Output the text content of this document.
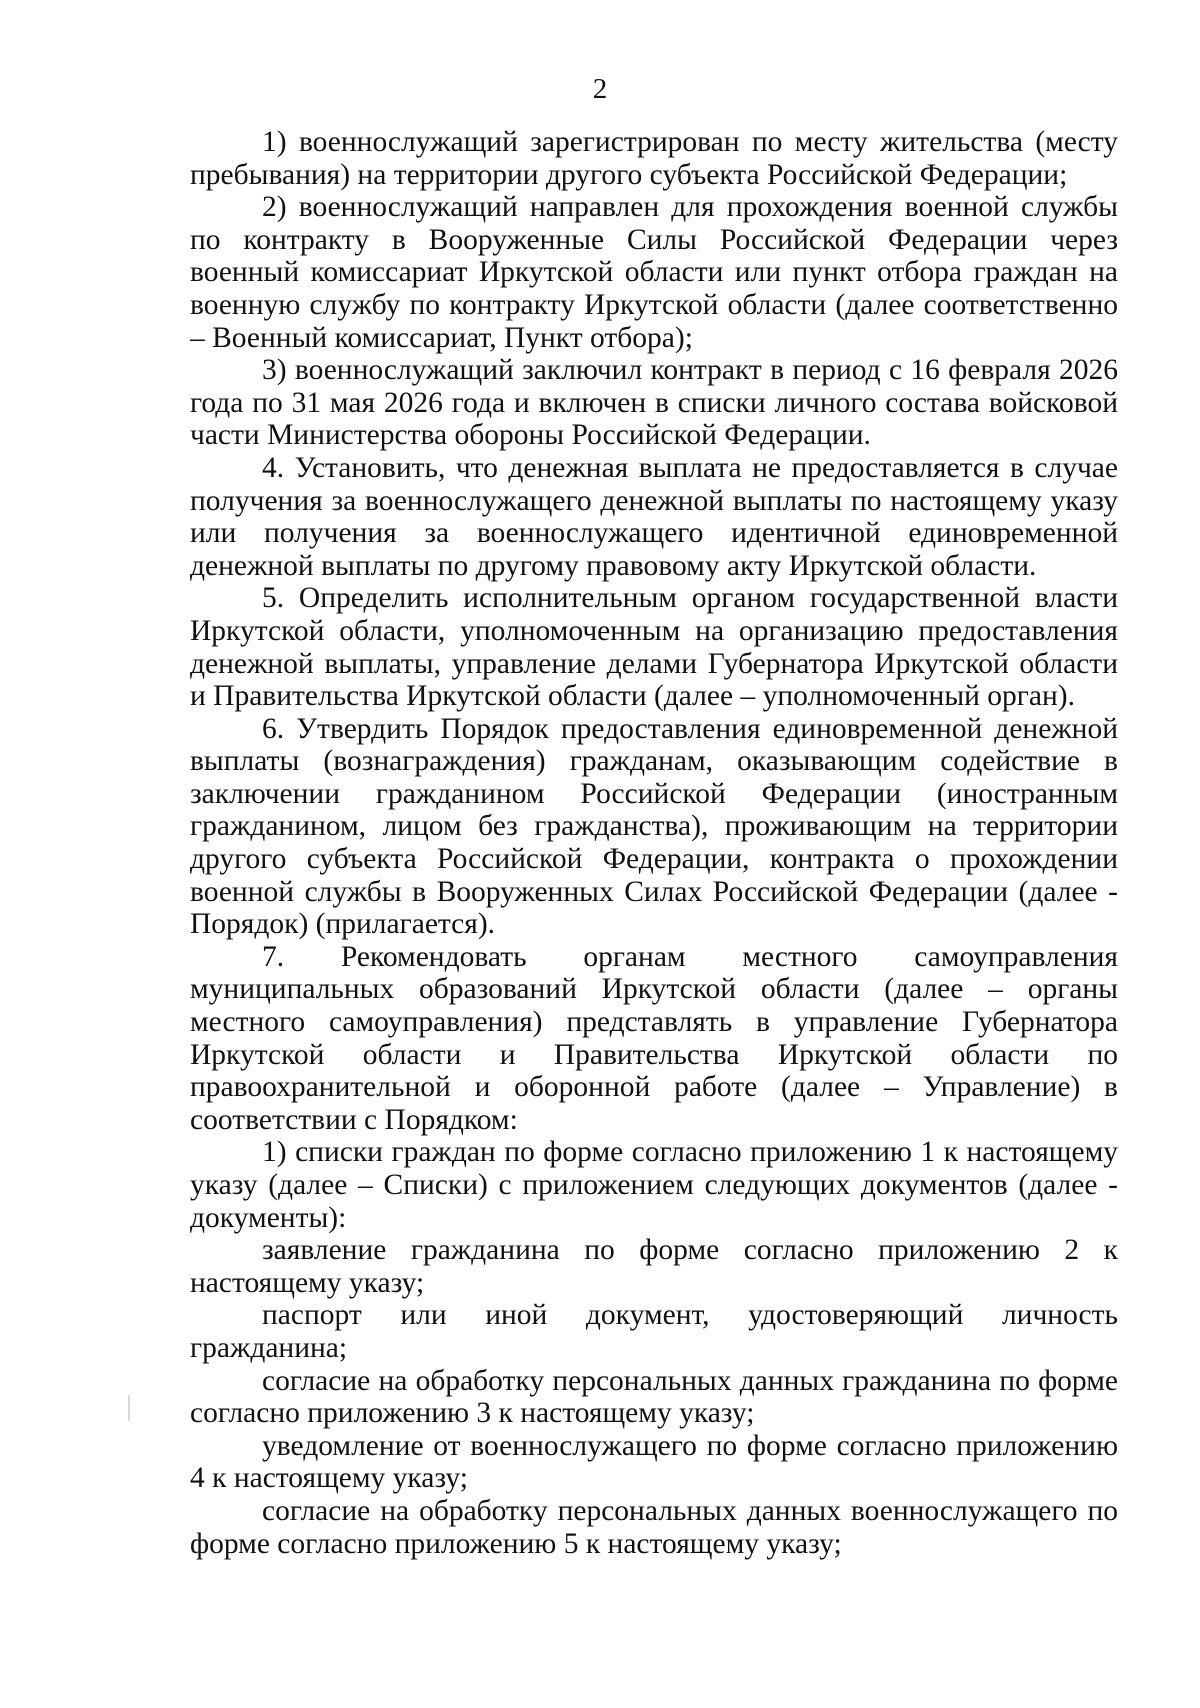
2

1) военнослужащий зарегистрирован по месту жительства (месту пребывания) на территории другого субъекта Российской Федерации;

2) военнослужащий направлен для прохождения военной службы по контракту в Вооруженные Силы Российской Федерации через военный комиссариат Иркутской области или пункт отбора граждан на военную службу по контракту Иркутской области (далее соответственно – Военный комиссариат, Пункт отбора);

3) военнослужащий заключил контракт в период с 16 февраля 2026 года по 31 мая 2026 года и включен в списки личного состава войсковой части Министерства обороны Российской Федерации.

4. Установить, что денежная выплата не предоставляется в случае получения за военнослужащего денежной выплаты по настоящему указу или получения за военнослужащего идентичной единовременной денежной выплаты по другому правовому акту Иркутской области.

5. Определить исполнительным органом государственной власти Иркутской области, уполномоченным на организацию предоставления денежной выплаты, управление делами Губернатора Иркутской области и Правительства Иркутской области (далее – уполномоченный орган).

6. Утвердить Порядок предоставления единовременной денежной выплаты (вознаграждения) гражданам, оказывающим содействие в заключении гражданином Российской Федерации (иностранным гражданином, лицом без гражданства), проживающим на территории другого субъекта Российской Федерации, контракта о прохождении военной службы в Вооруженных Силах Российской Федерации (далее - Порядок) (прилагается).

7. Рекомендовать органам местного самоуправления муниципальных образований Иркутской области (далее – органы местного самоуправления) представлять в управление Губернатора Иркутской области и Правительства Иркутской области по правоохранительной и оборонной работе (далее – Управление) в соответствии с Порядком:

1) списки граждан по форме согласно приложению 1 к настоящему указу (далее – Списки) с приложением следующих документов (далее - документы):

заявление гражданина по форме согласно приложению 2 к настоящему указу;

паспорт или иной документ, удостоверяющий личность гражданина;

согласие на обработку персональных данных гражданина по форме согласно приложению 3 к настоящему указу;

уведомление от военнослужащего по форме согласно приложению 4 к настоящему указу;

согласие на обработку персональных данных военнослужащего по форме согласно приложению 5 к настоящему указу;
